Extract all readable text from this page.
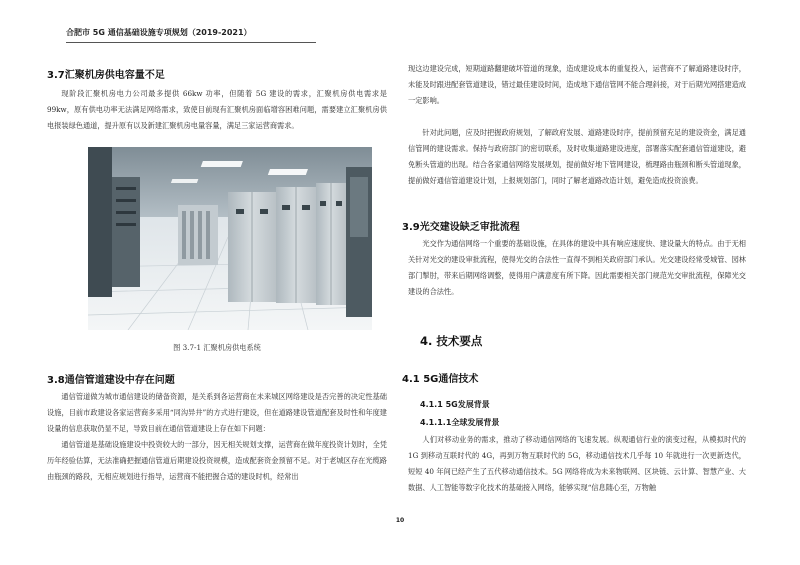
合肥市 5G 通信基础设施专项规划（2019-2021）
3.7汇聚机房供电容量不足

现阶段汇聚机房电力公司最多提供 66kw 功率，但随着 5G 建设的需求，汇聚机房供电需求是 99kw，原有供电功率无法满足网络需求，致使目前现有汇聚机房面临增容困难问题，需要建立汇聚机房供电报装绿色通道，提升原有以及新建汇聚机房电量容量，满足三家运营商需求。

图 3.7-1 汇聚机房供电系统
3.8通信管道建设中存在问题

通信管道做为城市通信建设的储备资源，是关系到各运营商在未来城区网络建设是否完善的决定性基础设施，目前市政建设各家运营商多采用“同沟异井”的方式进行建设，但在道路建设管道配套及时性和年度建设量的信息获取仍显不足，导致目前在通信管道建设上存在如下问题：

通信管道是基础设施建设中投资较大的一部分，因无相关规划支撑，运营商在做年度投资计划时，全凭历年经验估算，无法准确把握通信管道后期建设投资规模，造成配套资金预留不足。对于老城区存在光缆路由瓶颈的路段，无相应规划进行指导，运营商不能把握合适的建设时机，经常出

现这边建设完成，短期道路翻建破坏管道的现象，造成建设成本的重复投入，运营商不了解道路建设时序，未能及时跟进配套管道建设，错过最佳建设时间，造成地下通信管网不能合理斜接，对于后期光网搭建造成一定影响。

针对此问题，应及时把握政府规划，了解政府发展、道路建设时序，提前预留充足的建设资金，满足通信管网的建设需求。保持与政府部门的密切联系，及时收集道路建设进度，部署落实配套通信管道建设，避免断头管道的出现。结合各家通信网络发展规划，提前做好地下管网建设，梳理路由瓶颈和断头管道现象，提前做好通信管道建设计划，上报规划部门，同时了解老道路改造计划，避免造成投资浪费。

3.9光交建设缺乏审批流程

光交作为通信网络一个重要的基础设施，在具体的建设中具有响应速度快、建设量大的特点。由于无相关针对光交的建设审批流程，使得光交的合法性一直得不到相关政府部门承认。光交建设经常受城管、园林部门掣肘，带来后期网络调整，使得用户满意度有所下降。因此需要相关部门规范光交审批流程，保障光交建设的合法性。

4. 技术要点
4.1 5G通信技术
4.1.1 5G发展背景
4.1.1.1全球发展背景

人们对移动业务的需求，推动了移动通信网络的飞速发展。纵观通信行业的演变过程，从模拟时代的 1G 到移动互联时代的 4G，再到万物互联时代的 5G，移动通信技术几乎每 10 年就进行一次更新迭代，短短 40 年间已经产生了五代移动通信技术。5G 网络将成为未来物联网、区块链、云计算、智慧产业、大数据、人工智能等数字化技术的基础接入网络，能够实现“信息随心至，万物触

10
